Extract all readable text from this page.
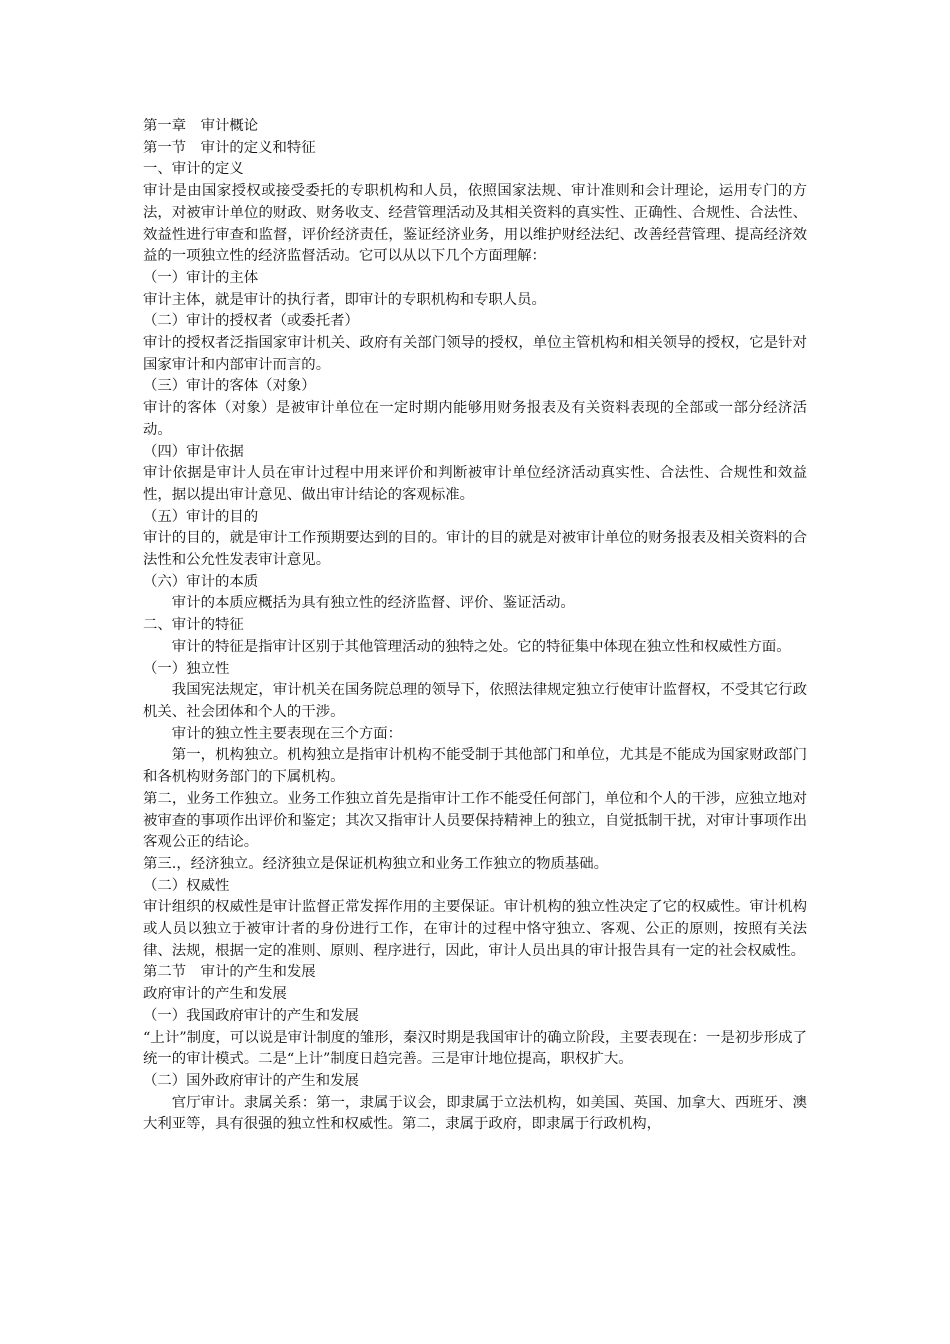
第一章　审计概论

第一节　审计的定义和特征

一、审计的定义

审计是由国家授权或接受委托的专职机构和人员，依照国家法规、审计准则和会计理论，运用专门的方法，对被审计单位的财政、财务收支、经营管理活动及其相关资料的真实性、正确性、合规性、合法性、效益性进行审查和监督，评价经济责任，鉴证经济业务，用以维护财经法纪、改善经营管理、提高经济效益的一项独立性的经济监督活动。它可以从以下几个方面理解：

（一）审计的主体

审计主体，就是审计的执行者，即审计的专职机构和专职人员。

（二）审计的授权者（或委托者）

审计的授权者泛指国家审计机关、政府有关部门领导的授权，单位主管机构和相关领导的授权，它是针对国家审计和内部审计而言的。

（三）审计的客体（对象）

审计的客体（对象）是被审计单位在一定时期内能够用财务报表及有关资料表现的全部或一部分经济活动。

（四）审计依据

审计依据是审计人员在审计过程中用来评价和判断被审计单位经济活动真实性、合法性、合规性和效益性，据以提出审计意见、做出审计结论的客观标准。

（五）审计的目的

审计的目的，就是审计工作预期要达到的目的。审计的目的就是对被审计单位的财务报表及相关资料的合法性和公允性发表审计意见。

（六）审计的本质

审计的本质应概括为具有独立性的经济监督、评价、鉴证活动。

二、审计的特征

审计的特征是指审计区别于其他管理活动的独特之处。它的特征集中体现在独立性和权威性方面。

（一）独立性

我国宪法规定，审计机关在国务院总理的领导下，依照法律规定独立行使审计监督权，不受其它行政机关、社会团体和个人的干涉。

审计的独立性主要表现在三个方面：

第一，机构独立。机构独立是指审计机构不能受制于其他部门和单位，尤其是不能成为国家财政部门和各机构财务部门的下属机构。

第二，业务工作独立。业务工作独立首先是指审计工作不能受任何部门，单位和个人的干涉，应独立地对被审查的事项作出评价和鉴定；其次又指审计人员要保持精神上的独立，自觉抵制干扰，对审计事项作出客观公正的结论。

第三.，经济独立。经济独立是保证机构独立和业务工作独立的物质基础。

（二）权威性

审计组织的权威性是审计监督正常发挥作用的主要保证。审计机构的独立性决定了它的权威性。审计机构或人员以独立于被审计者的身份进行工作，在审计的过程中恪守独立、客观、公正的原则，按照有关法律、法规，根据一定的准则、原则、程序进行，因此，审计人员出具的审计报告具有一定的社会权威性。

第二节　审计的产生和发展

政府审计的产生和发展

（一）我国政府审计的产生和发展

“上计”制度，可以说是审计制度的雏形，秦汉时期是我国审计的确立阶段，主要表现在：一是初步形成了统一的审计模式。二是“上计”制度日趋完善。三是审计地位提高，职权扩大。

（二）国外政府审计的产生和发展

官厅审计。隶属关系：第一，隶属于议会，即隶属于立法机构，如美国、英国、加拿大、西班牙、澳大利亚等，具有很强的独立性和权威性。第二，隶属于政府，即隶属于行政机构，
